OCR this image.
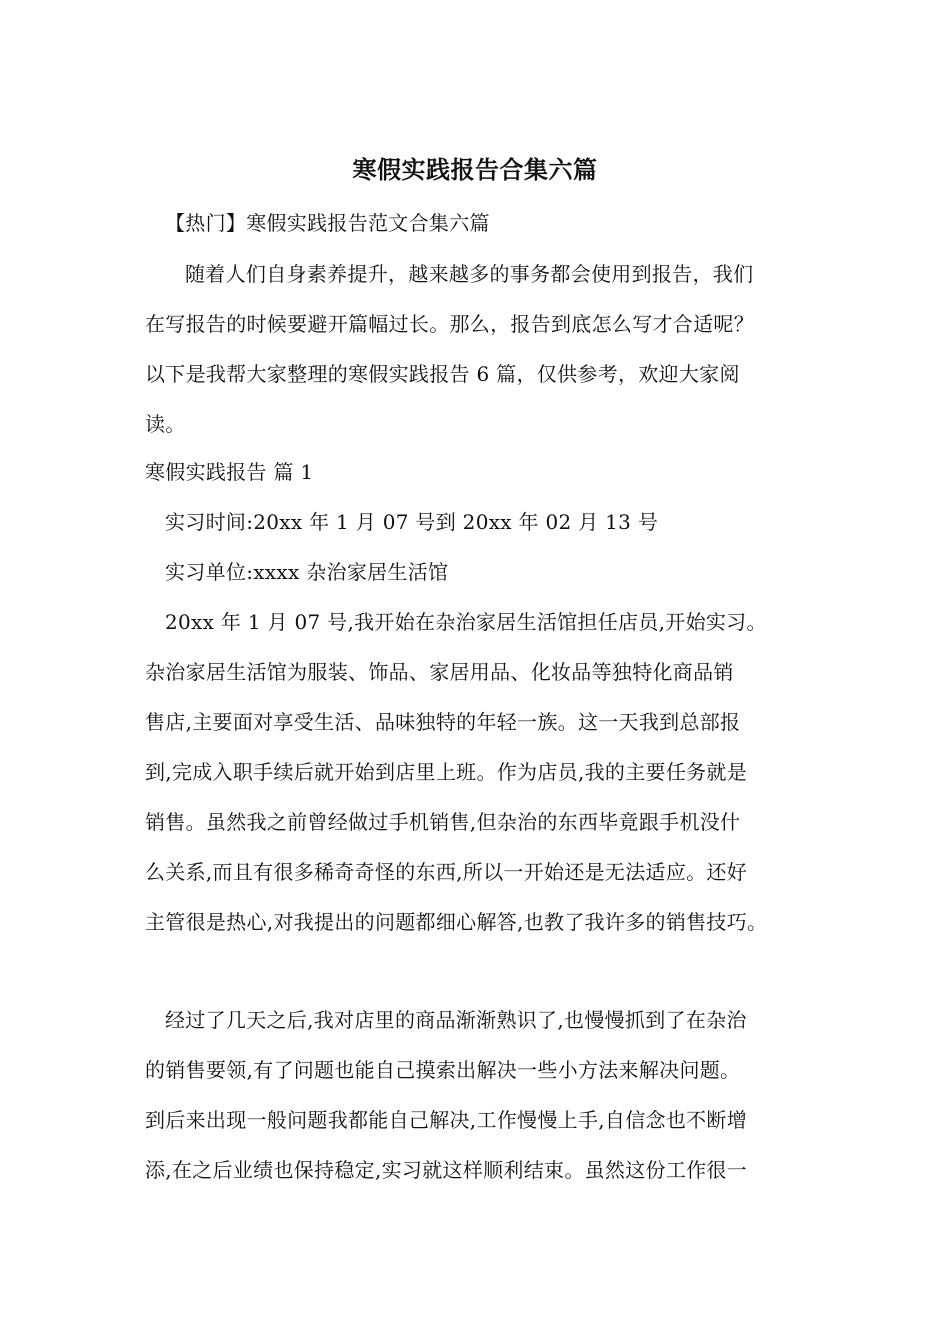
寒假实践报告合集六篇
【热门】寒假实践报告范文合集六篇
随着人们自身素养提升，越来越多的事务都会使用到报告，我们
在写报告的时候要避开篇幅过长。那么，报告到底怎么写才合适呢？
以下是我帮大家整理的寒假实践报告 6 篇，仅供参考，欢迎大家阅
读。
寒假实践报告 篇 1
实习时间:20xx 年 1 月 07 号到 20xx 年 02 月 13 号
实习单位:xxxx 杂治家居生活馆
20xx 年 1 月 07 号,我开始在杂治家居生活馆担任店员,开始实习。
杂治家居生活馆为服装、饰品、家居用品、化妆品等独特化商品销
售店,主要面对享受生活、品味独特的年轻一族。这一天我到总部报
到,完成入职手续后就开始到店里上班。作为店员,我的主要任务就是
销售。虽然我之前曾经做过手机销售,但杂治的东西毕竟跟手机没什
么关系,而且有很多稀奇奇怪的东西,所以一开始还是无法适应。还好
主管很是热心,对我提出的问题都细心解答,也教了我许多的销售技巧。
经过了几天之后,我对店里的商品渐渐熟识了,也慢慢抓到了在杂治
的销售要领,有了问题也能自己摸索出解决一些小方法来解决问题。
到后来出现一般问题我都能自己解决,工作慢慢上手,自信念也不断增
添,在之后业绩也保持稳定,实习就这样顺利结束。虽然这份工作很一
